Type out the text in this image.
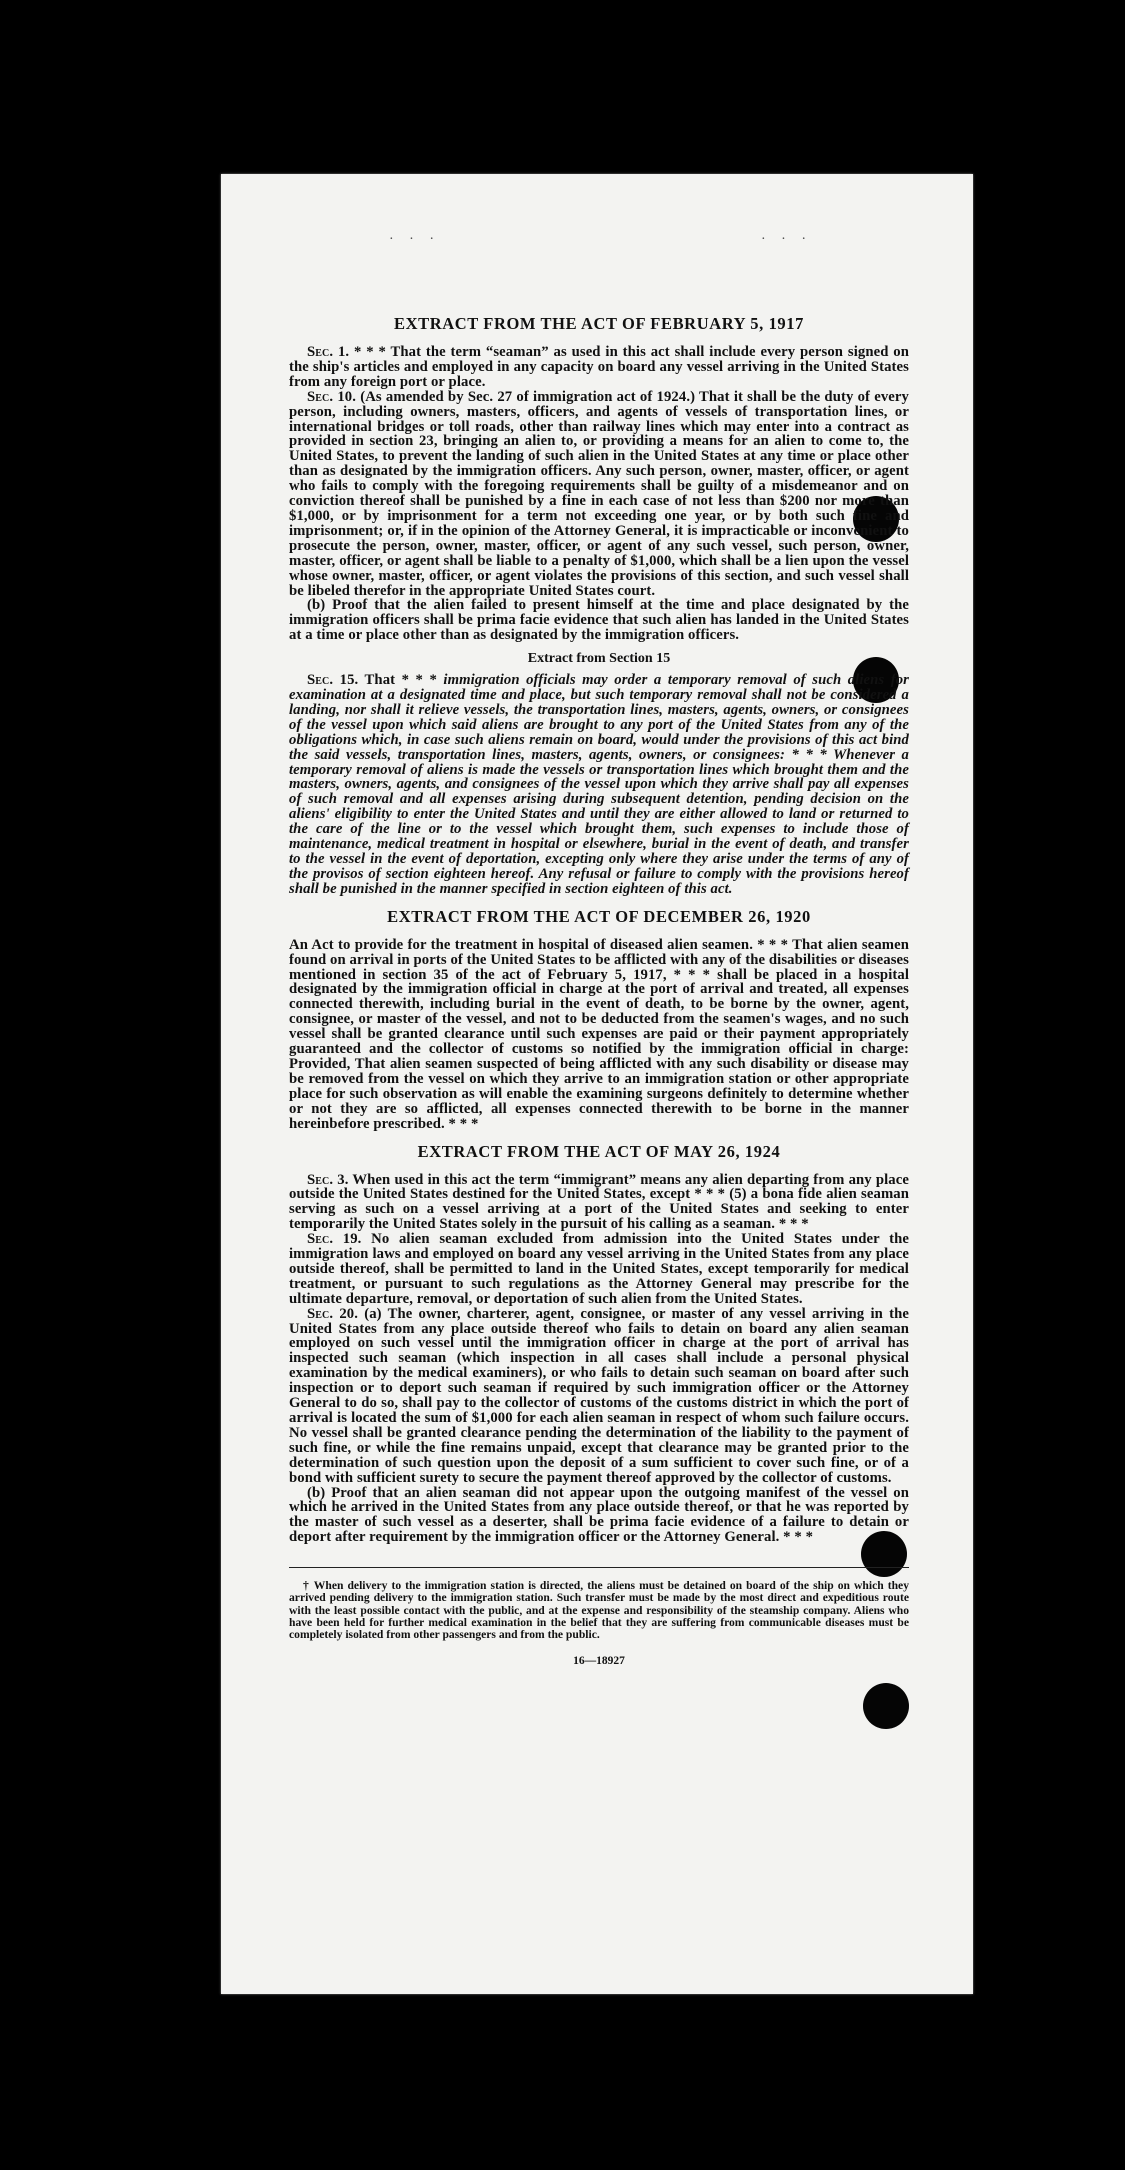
· · ·	· · ·
EXTRACT FROM THE ACT OF FEBRUARY 5, 1917

Sec. 1. * * * That the term “seaman” as used in this act shall include every person signed on the ship's articles and employed in any capacity on board any vessel arriving in the United States from any foreign port or place.

Sec. 10. (As amended by Sec. 27 of immigration act of 1924.) That it shall be the duty of every person, including owners, masters, officers, and agents of vessels of transportation lines, or international bridges or toll roads, other than railway lines which may enter into a contract as provided in section 23, bringing an alien to, or providing a means for an alien to come to, the United States, to prevent the landing of such alien in the United States at any time or place other than as designated by the immigration officers. Any such person, owner, master, officer, or agent who fails to comply with the foregoing requirements shall be guilty of a misdemeanor and on conviction thereof shall be punished by a fine in each case of not less than $200 nor more than $1,000, or by imprisonment for a term not exceeding one year, or by both such fine and imprisonment; or, if in the opinion of the Attorney General, it is impracticable or inconvenient to prosecute the person, owner, master, officer, or agent of any such vessel, such person, owner, master, officer, or agent shall be liable to a penalty of $1,000, which shall be a lien upon the vessel whose owner, master, officer, or agent violates the provisions of this section, and such vessel shall be libeled therefor in the appropriate United States court.

(b) Proof that the alien failed to present himself at the time and place designated by the immigration officers shall be prima facie evidence that such alien has landed in the United States at a time or place other than as designated by the immigration officers.

Extract from Section 15

Sec. 15. That * * * immigration officials may order a temporary removal of such aliens for examination at a designated time and place, but such temporary removal shall not be considered a landing, nor shall it relieve vessels, the transportation lines, masters, agents, owners, or consignees of the vessel upon which said aliens are brought to any port of the United States from any of the obligations which, in case such aliens remain on board, would under the provisions of this act bind the said vessels, transportation lines, masters, agents, owners, or consignees: * * * Whenever a temporary removal of aliens is made the vessels or transportation lines which brought them and the masters, owners, agents, and consignees of the vessel upon which they arrive shall pay all expenses of such removal and all expenses arising during subsequent detention, pending decision on the aliens' eligibility to enter the United States and until they are either allowed to land or returned to the care of the line or to the vessel which brought them, such expenses to include those of maintenance, medical treatment in hospital or elsewhere, burial in the event of death, and transfer to the vessel in the event of deportation, excepting only where they arise under the terms of any of the provisos of section eighteen hereof. Any refusal or failure to comply with the provisions hereof shall be punished in the manner specified in section eighteen of this act.

EXTRACT FROM THE ACT OF DECEMBER 26, 1920

An Act to provide for the treatment in hospital of diseased alien seamen. * * * That alien seamen found on arrival in ports of the United States to be afflicted with any of the disabilities or diseases mentioned in section 35 of the act of February 5, 1917, * * * shall be placed in a hospital designated by the immigration official in charge at the port of arrival and treated, all expenses connected therewith, including burial in the event of death, to be borne by the owner, agent, consignee, or master of the vessel, and not to be deducted from the seamen's wages, and no such vessel shall be granted clearance until such expenses are paid or their payment appropriately guaranteed and the collector of customs so notified by the immigration official in charge: Provided, That alien seamen suspected of being afflicted with any such disability or disease may be removed from the vessel on which they arrive to an immigration station or other appropriate place for such observation as will enable the examining surgeons definitely to determine whether or not they are so afflicted, all expenses connected therewith to be borne in the manner hereinbefore prescribed. * * *

EXTRACT FROM THE ACT OF MAY 26, 1924

Sec. 3. When used in this act the term “immigrant” means any alien departing from any place outside the United States destined for the United States, except * * * (5) a bona fide alien seaman serving as such on a vessel arriving at a port of the United States and seeking to enter temporarily the United States solely in the pursuit of his calling as a seaman. * * *

Sec. 19. No alien seaman excluded from admission into the United States under the immigration laws and employed on board any vessel arriving in the United States from any place outside thereof, shall be permitted to land in the United States, except temporarily for medical treatment, or pursuant to such regulations as the Attorney General may prescribe for the ultimate departure, removal, or deportation of such alien from the United States.

Sec. 20. (a) The owner, charterer, agent, consignee, or master of any vessel arriving in the United States from any place outside thereof who fails to detain on board any alien seaman employed on such vessel until the immigration officer in charge at the port of arrival has inspected such seaman (which inspection in all cases shall include a personal physical examination by the medical examiners), or who fails to detain such seaman on board after such inspection or to deport such seaman if required by such immigration officer or the Attorney General to do so, shall pay to the collector of customs of the customs district in which the port of arrival is located the sum of $1,000 for each alien seaman in respect of whom such failure occurs. No vessel shall be granted clearance pending the determination of the liability to the payment of such fine, or while the fine remains unpaid, except that clearance may be granted prior to the determination of such question upon the deposit of a sum sufficient to cover such fine, or of a bond with sufficient surety to secure the payment thereof approved by the collector of customs.

(b) Proof that an alien seaman did not appear upon the outgoing manifest of the vessel on which he arrived in the United States from any place outside thereof, or that he was reported by the master of such vessel as a deserter, shall be prima facie evidence of a failure to detain or deport after requirement by the immigration officer or the Attorney General. * * *

† When delivery to the immigration station is directed, the aliens must be detained on board of the ship on which they arrived pending delivery to the immigration station. Such transfer must be made by the most direct and expeditious route with the least possible contact with the public, and at the expense and responsibility of the steamship company. Aliens who have been held for further medical examination in the belief that they are suffering from communicable diseases must be completely isolated from other passengers and from the public.

16—18927
